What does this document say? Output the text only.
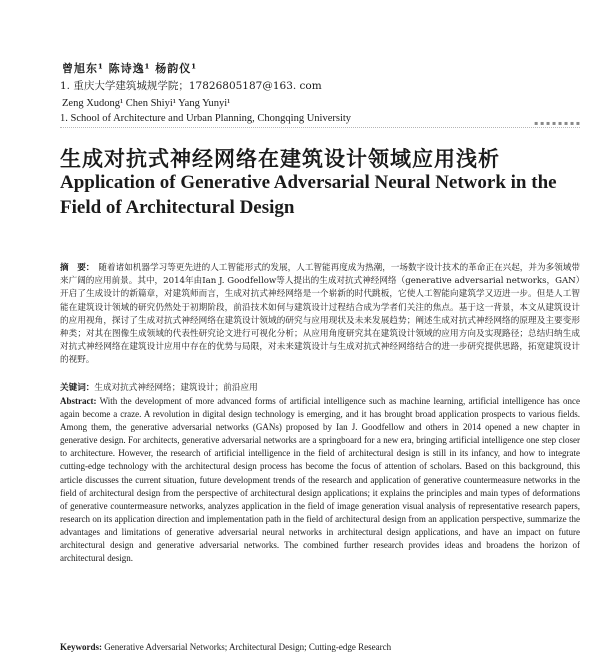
曾旭东¹ 陈诗逸¹ 杨韵仪¹
1. 重庆大学建筑城规学院；17826805187@163. com
Zeng Xudong¹ Chen Shiyi¹ Yang Yunyi¹
1. School of Architecture and Urban Planning, Chongqing University	▪ ▪ ▪ ▪ ▪ ▪ ▪ ▪
生成对抗式神经网络在建筑设计领域应用浅析
Application of Generative Adversarial Neural Network in the Field of Architectural Design
摘　要： 随着诸如机器学习等更先进的人工智能形式的发展，人工智能再度成为热潮，一场数字设计技术的革命正在兴起，并为多领域带来广阔的应用前景。其中，2014年由Ian J. Goodfellow等人提出的生成对抗式神经网络（generative adversarial networks，GAN）开启了生成设计的新篇章，对建筑师而言，生成对抗式神经网络是一个崭新的时代跳板，它使人工智能向建筑学又迈进一步。但是人工智能在建筑设计领域的研究仍然处于初期阶段，前沿技术如何与建筑设计过程结合成为学者们关注的焦点。基于这一背景，本文从建筑设计的应用视角，探讨了生成对抗式神经网络在建筑设计领域的研究与应用现状及未来发展趋势；阐述生成对抗式神经网络的原理及主要变形种类；对其在图像生成领域的代表性研究论文进行可视化分析；从应用角度研究其在建筑设计领域的应用方向及实现路径；总结归纳生成对抗式神经网络在建筑设计应用中存在的优势与局限，对未来建筑设计与生成对抗式神经网络结合的进一步研究提供思路，拓宽建筑设计的视野。
关键词：生成对抗式神经网络；建筑设计；前沿应用
Abstract: With the development of more advanced forms of artificial intelligence such as machine learning, artificial intelligence has once again become a craze. A revolution in digital design technology is emerging, and it has brought broad application prospects to various fields. Among them, the generative adversarial networks (GANs) proposed by Ian J. Goodfellow and others in 2014 opened a new chapter in generative design. For architects, generative adversarial networks are a springboard for a new era, bringing artificial intelligence one step closer to architecture. However, the research of artificial intelligence in the field of architectural design is still in its infancy, and how to integrate cutting-edge technology with the architectural design process has become the focus of attention of scholars. Based on this background, this article discusses the current situation, future development trends of the research and application of generative countermeasure networks in the field of architectural design from the perspective of architectural design applications; it explains the principles and main types of deformations of generative countermeasure networks, analyzes application in the field of image generation visual analysis of representative research papers, research on its application direction and implementation path in the field of architectural design from an application perspective, summarize the advantages and limitations of generative adversarial neural networks in architectural design applications, and have an impact on future architectural design and generative adversarial networks. The combined further research provides ideas and broadens the horizon of architectural design.
Keywords: Generative Adversarial Networks; Architectural Design; Cutting-edge Research
